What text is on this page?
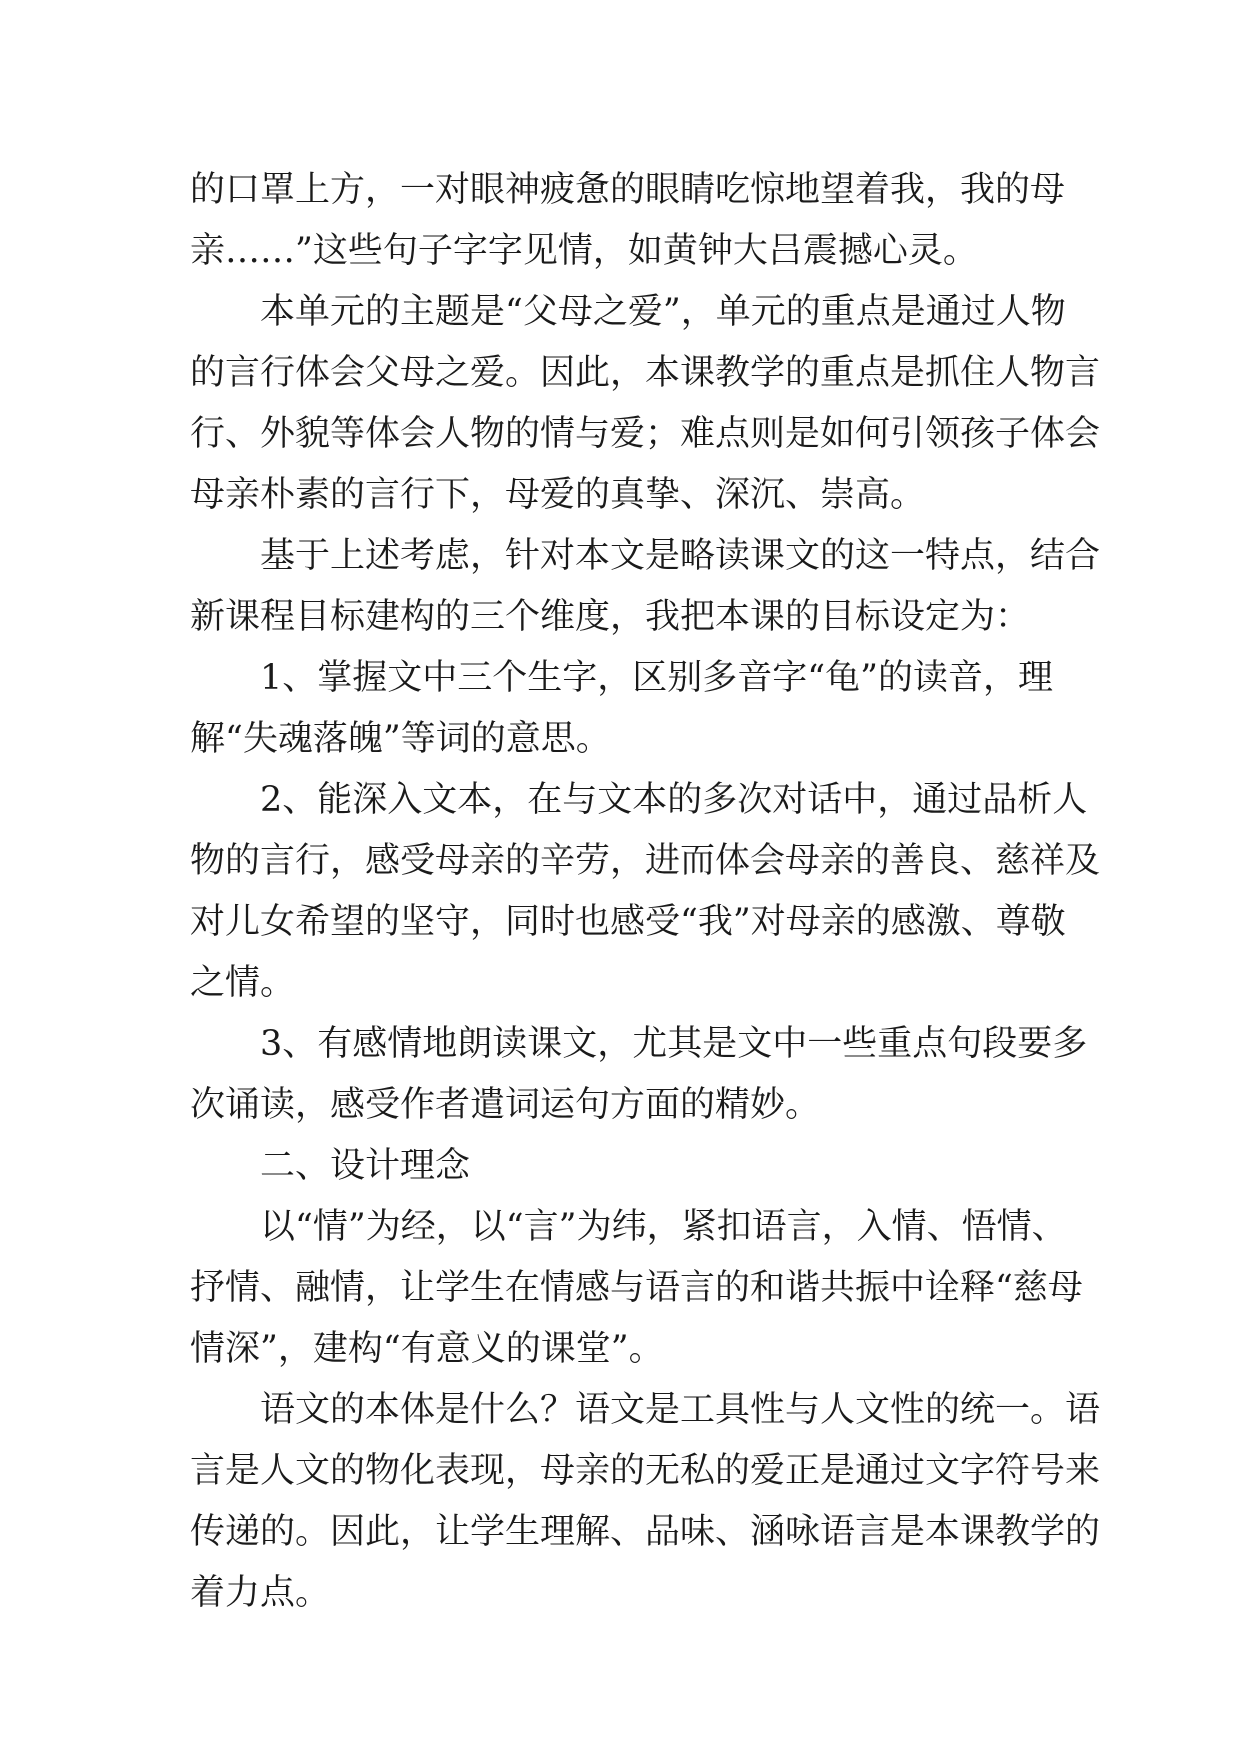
的口罩上方，一对眼神疲惫的眼睛吃惊地望着我，我的母
亲……”这些句子字字见情，如黄钟大吕震撼心灵。
本单元的主题是“父母之爱”，单元的重点是通过人物
的言行体会父母之爱。因此，本课教学的重点是抓住人物言
行、外貌等体会人物的情与爱；难点则是如何引领孩子体会
母亲朴素的言行下，母爱的真挚、深沉、崇高。
基于上述考虑，针对本文是略读课文的这一特点，结合
新课程目标建构的三个维度，我把本课的目标设定为：
1、掌握文中三个生字，区别多音字“龟”的读音，理
解“失魂落魄”等词的意思。
2、能深入文本，在与文本的多次对话中，通过品析人
物的言行，感受母亲的辛劳，进而体会母亲的善良、慈祥及
对儿女希望的坚守，同时也感受“我”对母亲的感激、尊敬
之情。
3、有感情地朗读课文，尤其是文中一些重点句段要多
次诵读，感受作者遣词运句方面的精妙。
二、设计理念
以“情”为经，以“言”为纬，紧扣语言，入情、悟情、
抒情、融情，让学生在情感与语言的和谐共振中诠释“慈母
情深”，建构“有意义的课堂”。
语文的本体是什么？语文是工具性与人文性的统一。语
言是人文的物化表现，母亲的无私的爱正是通过文字符号来
传递的。因此，让学生理解、品味、涵咏语言是本课教学的
着力点。
